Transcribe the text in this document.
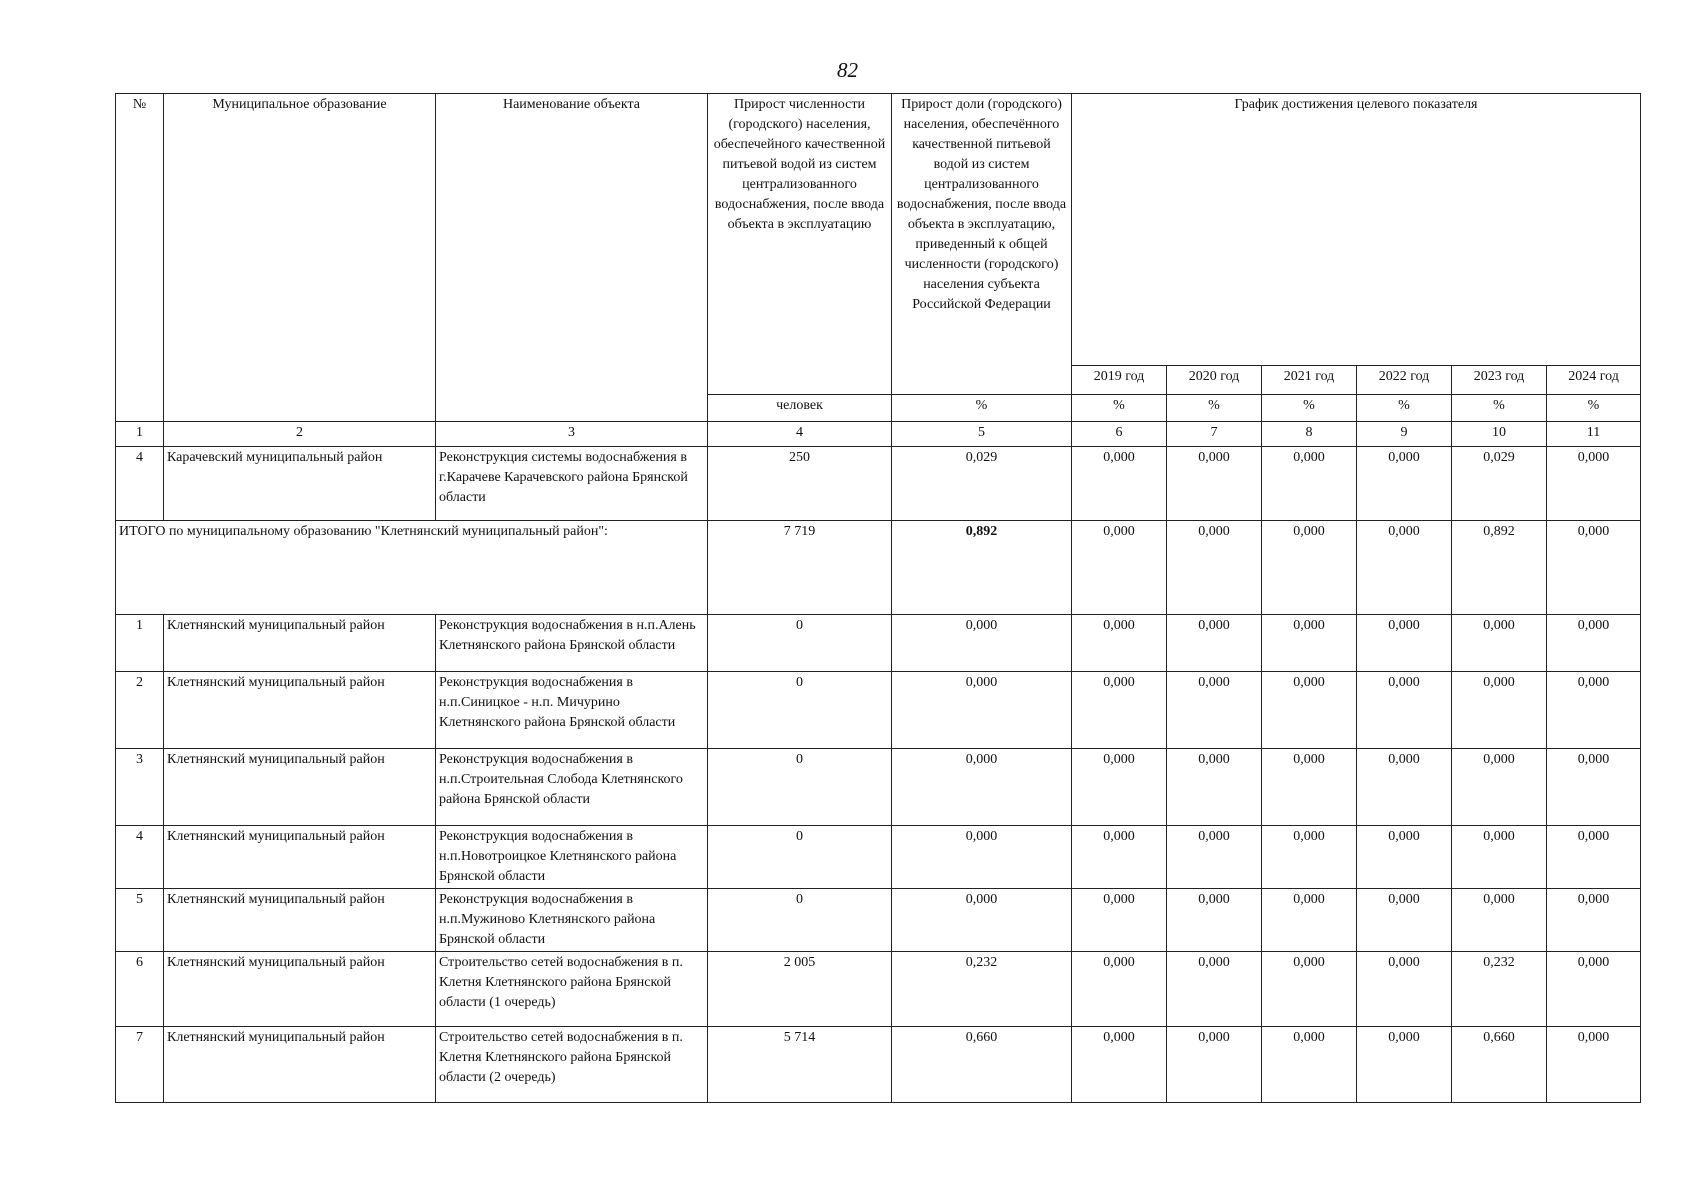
82
№	Муниципальное образование	Наименование объекта	Прирост численности (городского) населения, обеспечейного качественной питьевой водой из систем централизованного водоснабжения, после ввода объекта в эксплуатацию	Прирост доли (городского) населения, обеспечённого качественной питьевой водой из систем централизованного водоснабжения, после ввода объекта в эксплуатацию, приведенный к общей численности (городского) населения субъекта Российской Федерации	График достижения целевого показателя					
					2019 год	2020 год	2021 год	2022 год	2023 год	2024 год
			человек	%	%	%	%	%	%	%
1	2	3	4	5	6	7	8	9	10	11
4	Карачевский муниципальный район	Реконструкция системы водоснабжения в г.Карачеве Карачевского района Брянской области	250	0,029	0,000	0,000	0,000	0,000	0,029	0,000
ИТОГО по муниципальному образованию "Клетнянский муниципальный район":			7 719	0,892	0,000	0,000	0,000	0,000	0,892	0,000
1	Клетнянский муниципальный район	Реконструкция водоснабжения в н.п.Алень Клетнянского района Брянской области	0	0,000	0,000	0,000	0,000	0,000	0,000	0,000
2	Клетнянский муниципальный район	Реконструкция водоснабжения в н.п.Синицкое - н.п. Мичурино Клетнянского района Брянской области	0	0,000	0,000	0,000	0,000	0,000	0,000	0,000
3	Клетнянский муниципальный район	Реконструкция водоснабжения в н.п.Строительная Слобода Клетнянского района Брянской области	0	0,000	0,000	0,000	0,000	0,000	0,000	0,000
4	Клетнянский муниципальный район	Реконструкция водоснабжения в н.п.Новотроицкое Клетнянского района Брянской области	0	0,000	0,000	0,000	0,000	0,000	0,000	0,000
5	Клетнянский муниципальный район	Реконструкция водоснабжения в н.п.Мужиново Клетнянского района Брянской области	0	0,000	0,000	0,000	0,000	0,000	0,000	0,000
6	Клетнянский муниципальный район	Строительство сетей водоснабжения в п. Клетня Клетнянского района Брянской области (1 очередь)	2 005	0,232	0,000	0,000	0,000	0,000	0,232	0,000
7	Клетнянский муниципальный район	Строительство сетей водоснабжения в п. Клетня Клетнянского района Брянской области (2 очередь)	5 714	0,660	0,000	0,000	0,000	0,000	0,660	0,000
